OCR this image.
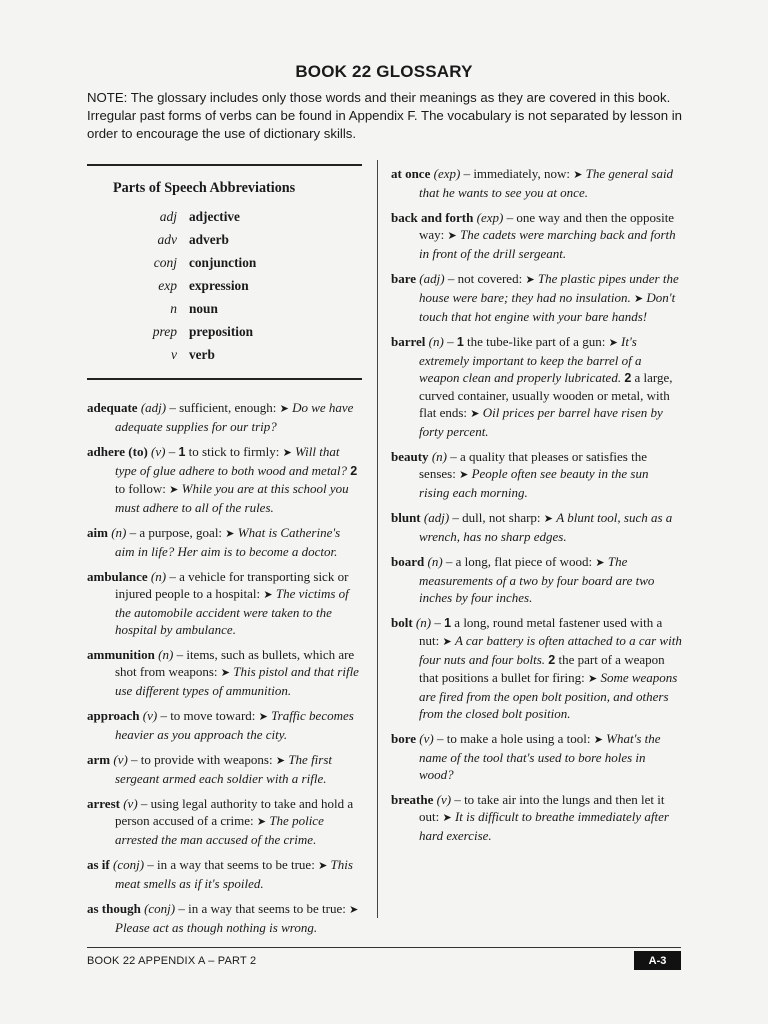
BOOK 22 GLOSSARY
NOTE: The glossary includes only those words and their meanings as they are covered in this book. Irregular past forms of verbs can be found in Appendix F. The vocabulary is not separated by lesson in order to encourage the use of dictionary skills.
Parts of Speech Abbreviations
adj adjective
adv adverb
conj conjunction
exp expression
n noun
prep preposition
v verb
adequate (adj) – sufficient, enough: ➤ Do we have adequate supplies for our trip?
adhere (to) (v) – 1 to stick to firmly: ➤ Will that type of glue adhere to both wood and metal? 2 to follow: ➤ While you are at this school you must adhere to all of the rules.
aim (n) – a purpose, goal: ➤ What is Catherine's aim in life? Her aim is to become a doctor.
ambulance (n) – a vehicle for transporting sick or injured people to a hospital: ➤ The victims of the automobile accident were taken to the hospital by ambulance.
ammunition (n) – items, such as bullets, which are shot from weapons: ➤ This pistol and that rifle use different types of ammunition.
approach (v) – to move toward: ➤ Traffic becomes heavier as you approach the city.
arm (v) – to provide with weapons: ➤ The first sergeant armed each soldier with a rifle.
arrest (v) – using legal authority to take and hold a person accused of a crime: ➤ The police arrested the man accused of the crime.
as if (conj) – in a way that seems to be true: ➤ This meat smells as if it's spoiled.
as though (conj) – in a way that seems to be true: ➤ Please act as though nothing is wrong.
at once (exp) – immediately, now: ➤ The general said that he wants to see you at once.
back and forth (exp) – one way and then the opposite way: ➤ The cadets were marching back and forth in front of the drill sergeant.
bare (adj) – not covered: ➤ The plastic pipes under the house were bare; they had no insulation. ➤ Don't touch that hot engine with your bare hands!
barrel (n) – 1 the tube-like part of a gun: ➤ It's extremely important to keep the barrel of a weapon clean and properly lubricated. 2 a large, curved container, usually wooden or metal, with flat ends: ➤ Oil prices per barrel have risen by forty percent.
beauty (n) – a quality that pleases or satisfies the senses: ➤ People often see beauty in the sun rising each morning.
blunt (adj) – dull, not sharp: ➤ A blunt tool, such as a wrench, has no sharp edges.
board (n) – a long, flat piece of wood: ➤ The measurements of a two by four board are two inches by four inches.
bolt (n) – 1 a long, round metal fastener used with a nut: ➤ A car battery is often attached to a car with four nuts and four bolts. 2 the part of a weapon that positions a bullet for firing: ➤ Some weapons are fired from the open bolt position, and others from the closed bolt position.
bore (v) – to make a hole using a tool: ➤ What's the name of the tool that's used to bore holes in wood?
breathe (v) – to take air into the lungs and then let it out: ➤ It is difficult to breathe immediately after hard exercise.
BOOK 22 APPENDIX A – PART 2	A-3
